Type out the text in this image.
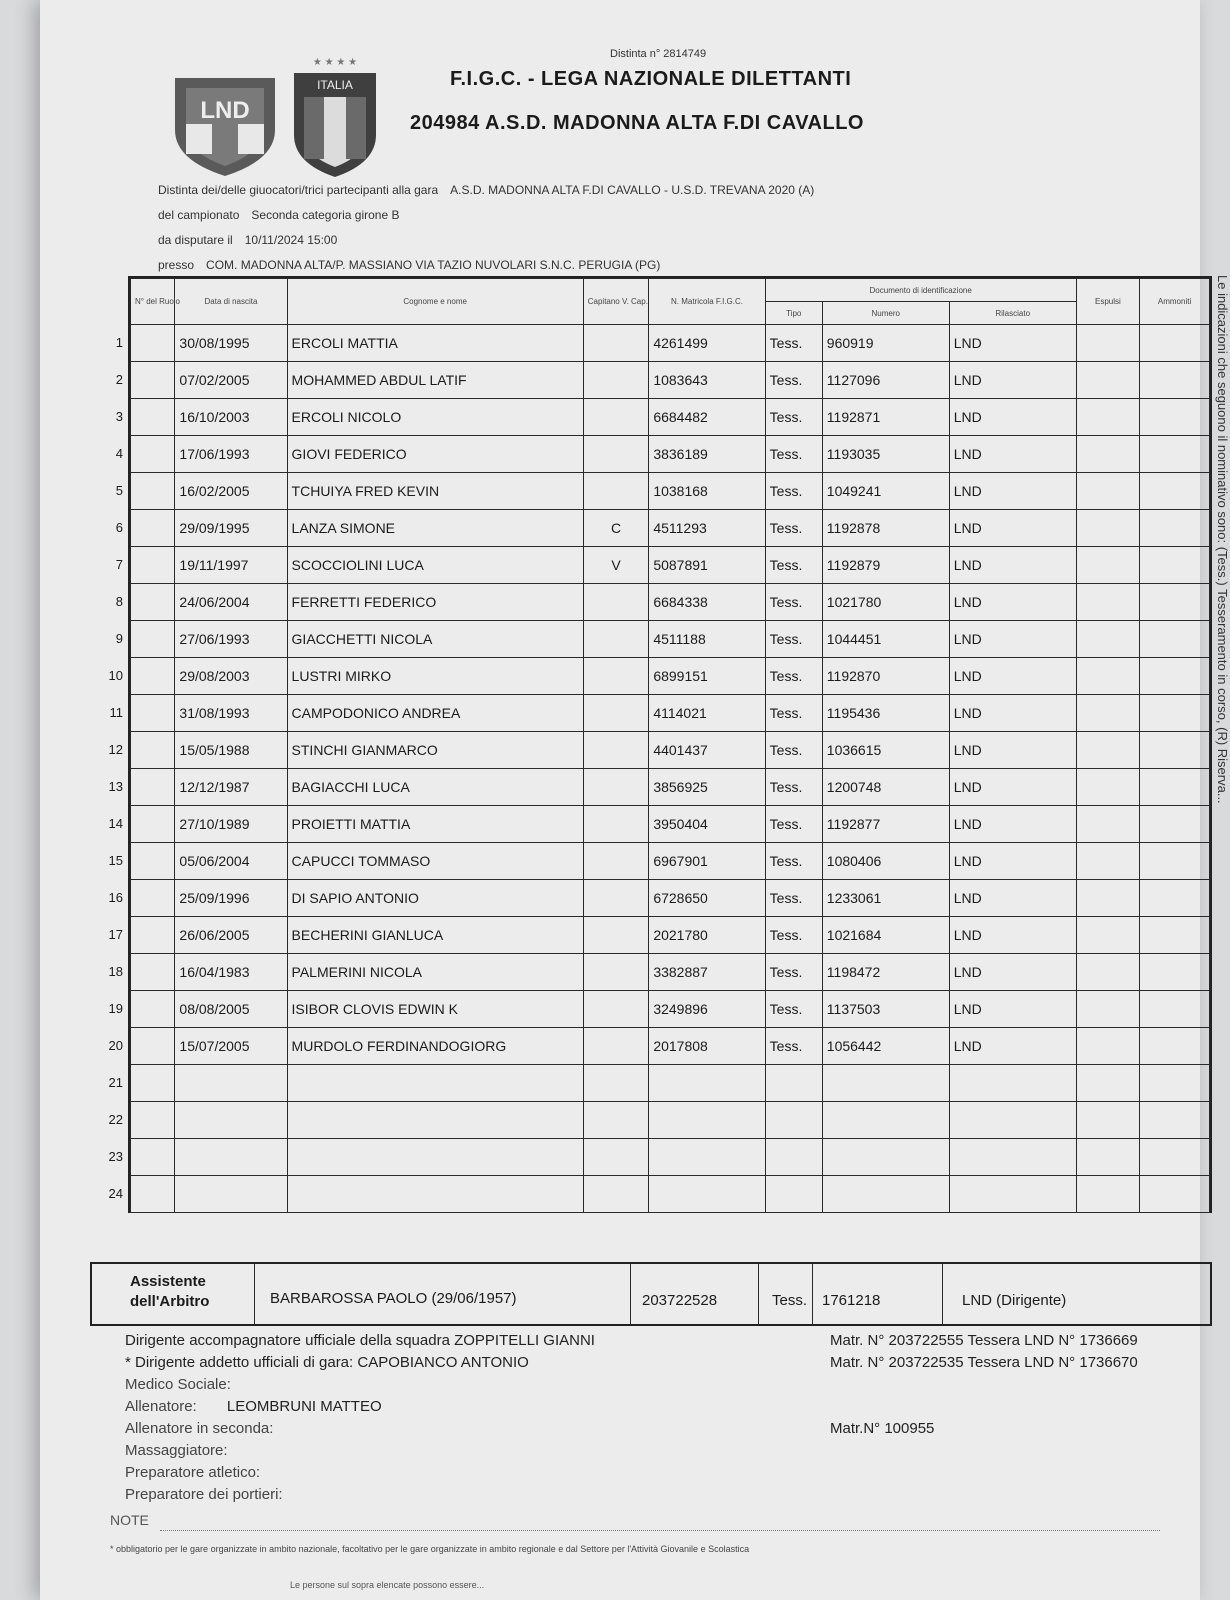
LND
★ ★ ★ ★
ITALIA
Distinta n° 2814749
F.I.G.C. - LEGA NAZIONALE DILETTANTI
204984 A.S.D. MADONNA ALTA F.DI CAVALLO
Distinta dei/delle giuocatori/trici partecipanti alla gara A.S.D. MADONNA ALTA F.DI CAVALLO - U.S.D. TREVANA 2020 (A)
del campionato Seconda categoria girone B
da disputare il 10/11/2024 15:00
presso COM. MADONNA ALTA/P. MASSIANO VIA TAZIO NUVOLARI S.N.C. PERUGIA (PG)
N° del Ruolo	Data di nascita	Cognome e nome	Capitano V. Cap.	N. Matricola F.I.G.C.	Documento di identificazione			Espulsi	Ammoniti
					Tipo	Numero	Rilasciato		

1	30/08/1995	ERCOLI MATTIA		4261499	Tess.	960919	LND		

2	07/02/2005	MOHAMMED ABDUL LATIF		1083643	Tess.	1127096	LND		

3	16/10/2003	ERCOLI NICOLO		6684482	Tess.	1192871	LND		

4	17/06/1993	GIOVI FEDERICO		3836189	Tess.	1193035	LND		

5	16/02/2005	TCHUIYA FRED KEVIN		1038168	Tess.	1049241	LND		

6	29/09/1995	LANZA SIMONE	C	4511293	Tess.	1192878	LND		

7	19/11/1997	SCOCCIOLINI LUCA	V	5087891	Tess.	1192879	LND		

8	24/06/2004	FERRETTI FEDERICO		6684338	Tess.	1021780	LND		

9	27/06/1993	GIACCHETTI NICOLA		4511188	Tess.	1044451	LND		

10	29/08/2003	LUSTRI MIRKO		6899151	Tess.	1192870	LND		

11	31/08/1993	CAMPODONICO ANDREA		4114021	Tess.	1195436	LND		

12	15/05/1988	STINCHI GIANMARCO		4401437	Tess.	1036615	LND		

13	12/12/1987	BAGIACCHI LUCA		3856925	Tess.	1200748	LND		

14	27/10/1989	PROIETTI MATTIA		3950404	Tess.	1192877	LND		

15	05/06/2004	CAPUCCI TOMMASO		6967901	Tess.	1080406	LND		

16	25/09/1996	DI SAPIO ANTONIO		6728650	Tess.	1233061	LND		

17	26/06/2005	BECHERINI GIANLUCA		2021780	Tess.	1021684	LND		

18	16/04/1983	PALMERINI NICOLA		3382887	Tess.	1198472	LND		

19	08/08/2005	ISIBOR CLOVIS EDWIN K		3249896	Tess.	1137503	LND		

20	15/07/2005	MURDOLO FERDINANDOGIORG		2017808	Tess.	1056442	LND		

21									

22									

23									

24									

Assistente dell'Arbitro	BARBAROSSA PAOLO (29/06/1957)	203722528	Tess. 1761218	LND (Dirigente)
Dirigente accompagnatore ufficiale della squadra ZOPPITELLI GIANNI	Matr. N° 203722555 Tessera LND N° 1736669
* Dirigente addetto ufficiali di gara: CAPOBIANCO ANTONIO	Matr. N° 203722535 Tessera LND N° 1736670
Medico Sociale:
Allenatore: LEOMBRUNI MATTEO
Allenatore in seconda:	Matr.N° 100955
Massaggiatore:
Preparatore atletico:
Preparatore dei portieri:
NOTE
* obbligatorio per le gare organizzate in ambito nazionale, facoltativo per le gare organizzate in ambito regionale e dal Settore per l'Attività Giovanile e Scolastica
Le persone sul sopra elencate possono essere...
Le indicazioni che seguono il nominativo sono: (Tess.) Tesseramento in corso, (R) Riserva...
